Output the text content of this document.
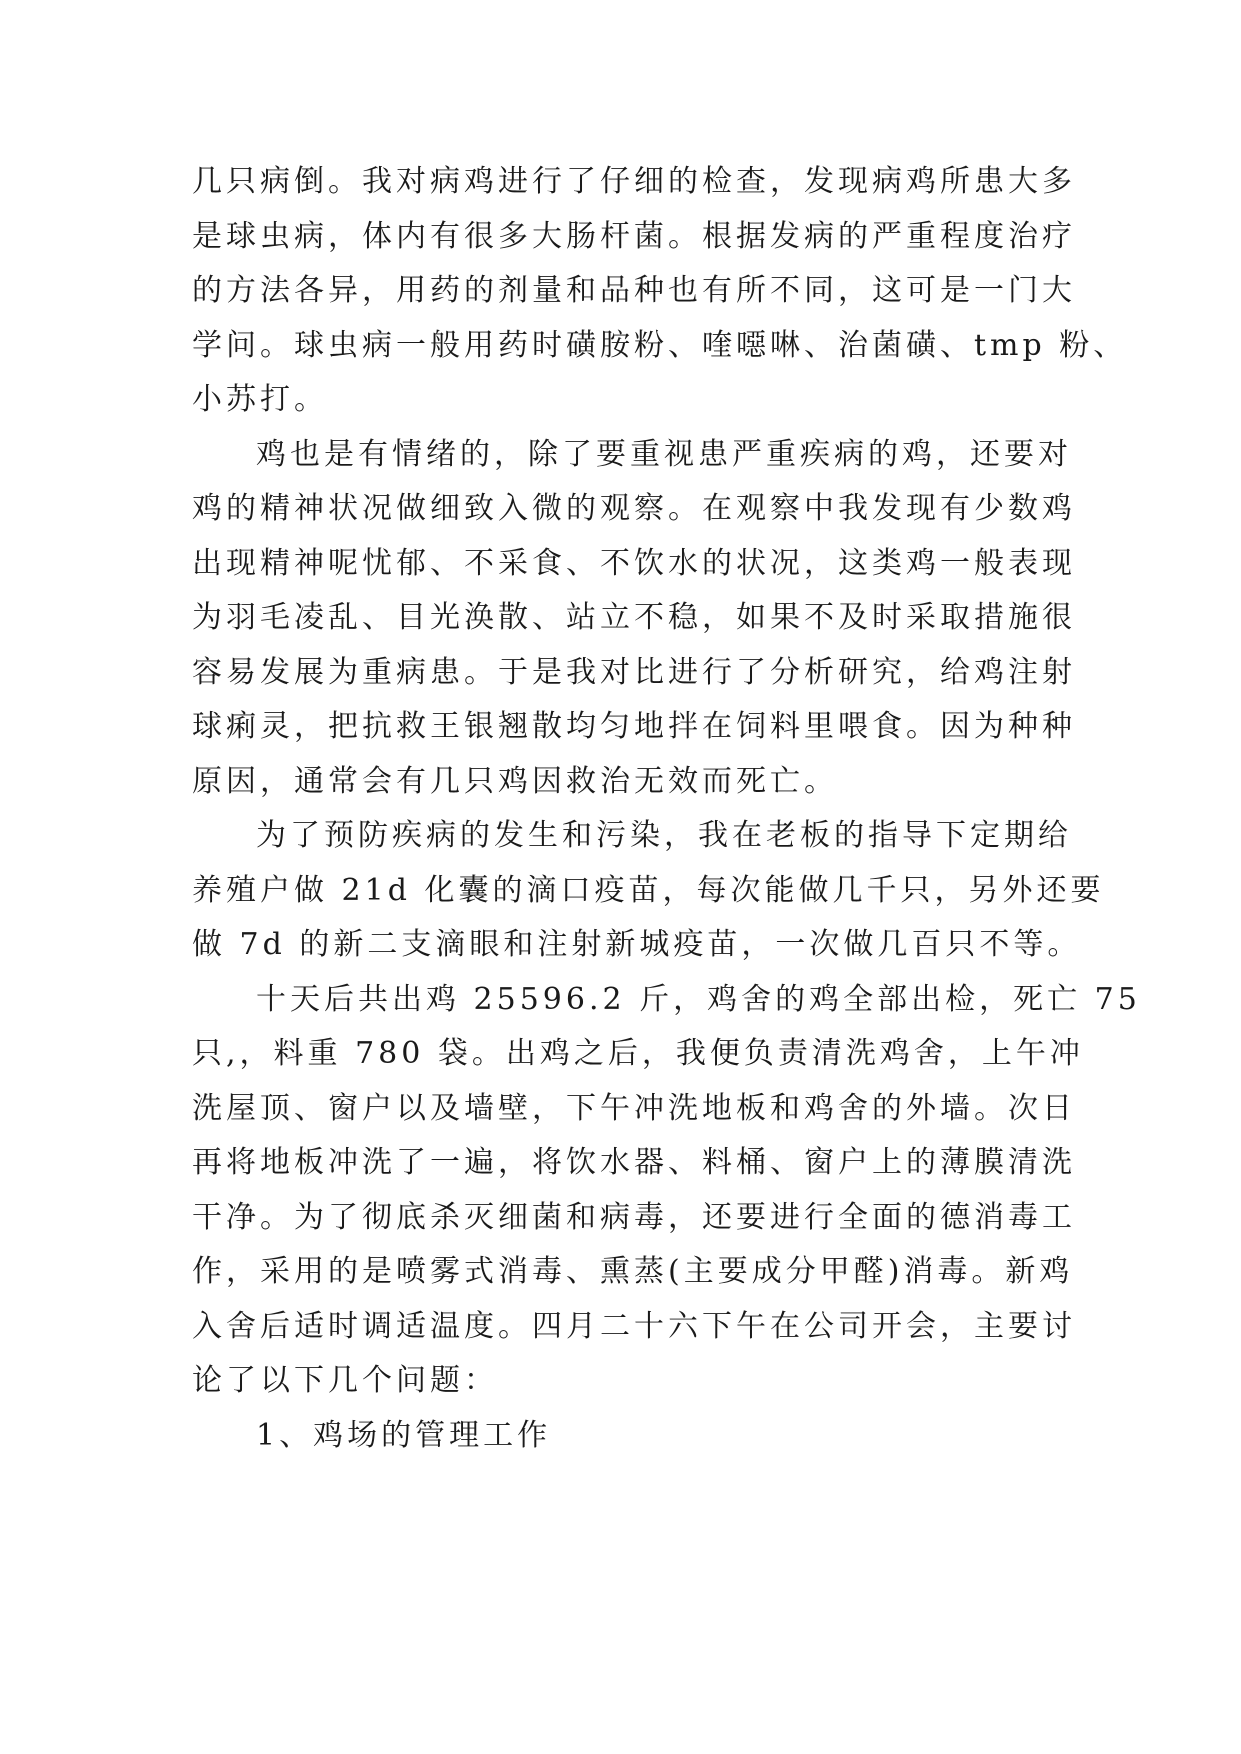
几只病倒。我对病鸡进行了仔细的检查，发现病鸡所患大多
是球虫病，体内有很多大肠杆菌。根据发病的严重程度治疗
的方法各异，用药的剂量和品种也有所不同，这可是一门大
学问。球虫病一般用药时磺胺粉、喹噁啉、治菌磺、tmp 粉、
小苏打。
鸡也是有情绪的，除了要重视患严重疾病的鸡，还要对
鸡的精神状况做细致入微的观察。在观察中我发现有少数鸡
出现精神呢忧郁、不采食、不饮水的状况，这类鸡一般表现
为羽毛凌乱、目光涣散、站立不稳，如果不及时采取措施很
容易发展为重病患。于是我对比进行了分析研究，给鸡注射
球痢灵，把抗救王银翘散均匀地拌在饲料里喂食。因为种种
原因，通常会有几只鸡因救治无效而死亡。
为了预防疾病的发生和污染，我在老板的指导下定期给
养殖户做 21d 化囊的滴口疫苗，每次能做几千只，另外还要
做 7d 的新二支滴眼和注射新城疫苗，一次做几百只不等。
十天后共出鸡 25596.2 斤，鸡舍的鸡全部出检，死亡 75
只,，料重 780 袋。出鸡之后，我便负责清洗鸡舍，上午冲
洗屋顶、窗户以及墙壁，下午冲洗地板和鸡舍的外墙。次日
再将地板冲洗了一遍，将饮水器、料桶、窗户上的薄膜清洗
干净。为了彻底杀灭细菌和病毒，还要进行全面的德消毒工
作，采用的是喷雾式消毒、熏蒸(主要成分甲醛)消毒。新鸡
入舍后适时调适温度。四月二十六下午在公司开会，主要讨
论了以下几个问题：
1、鸡场的管理工作
